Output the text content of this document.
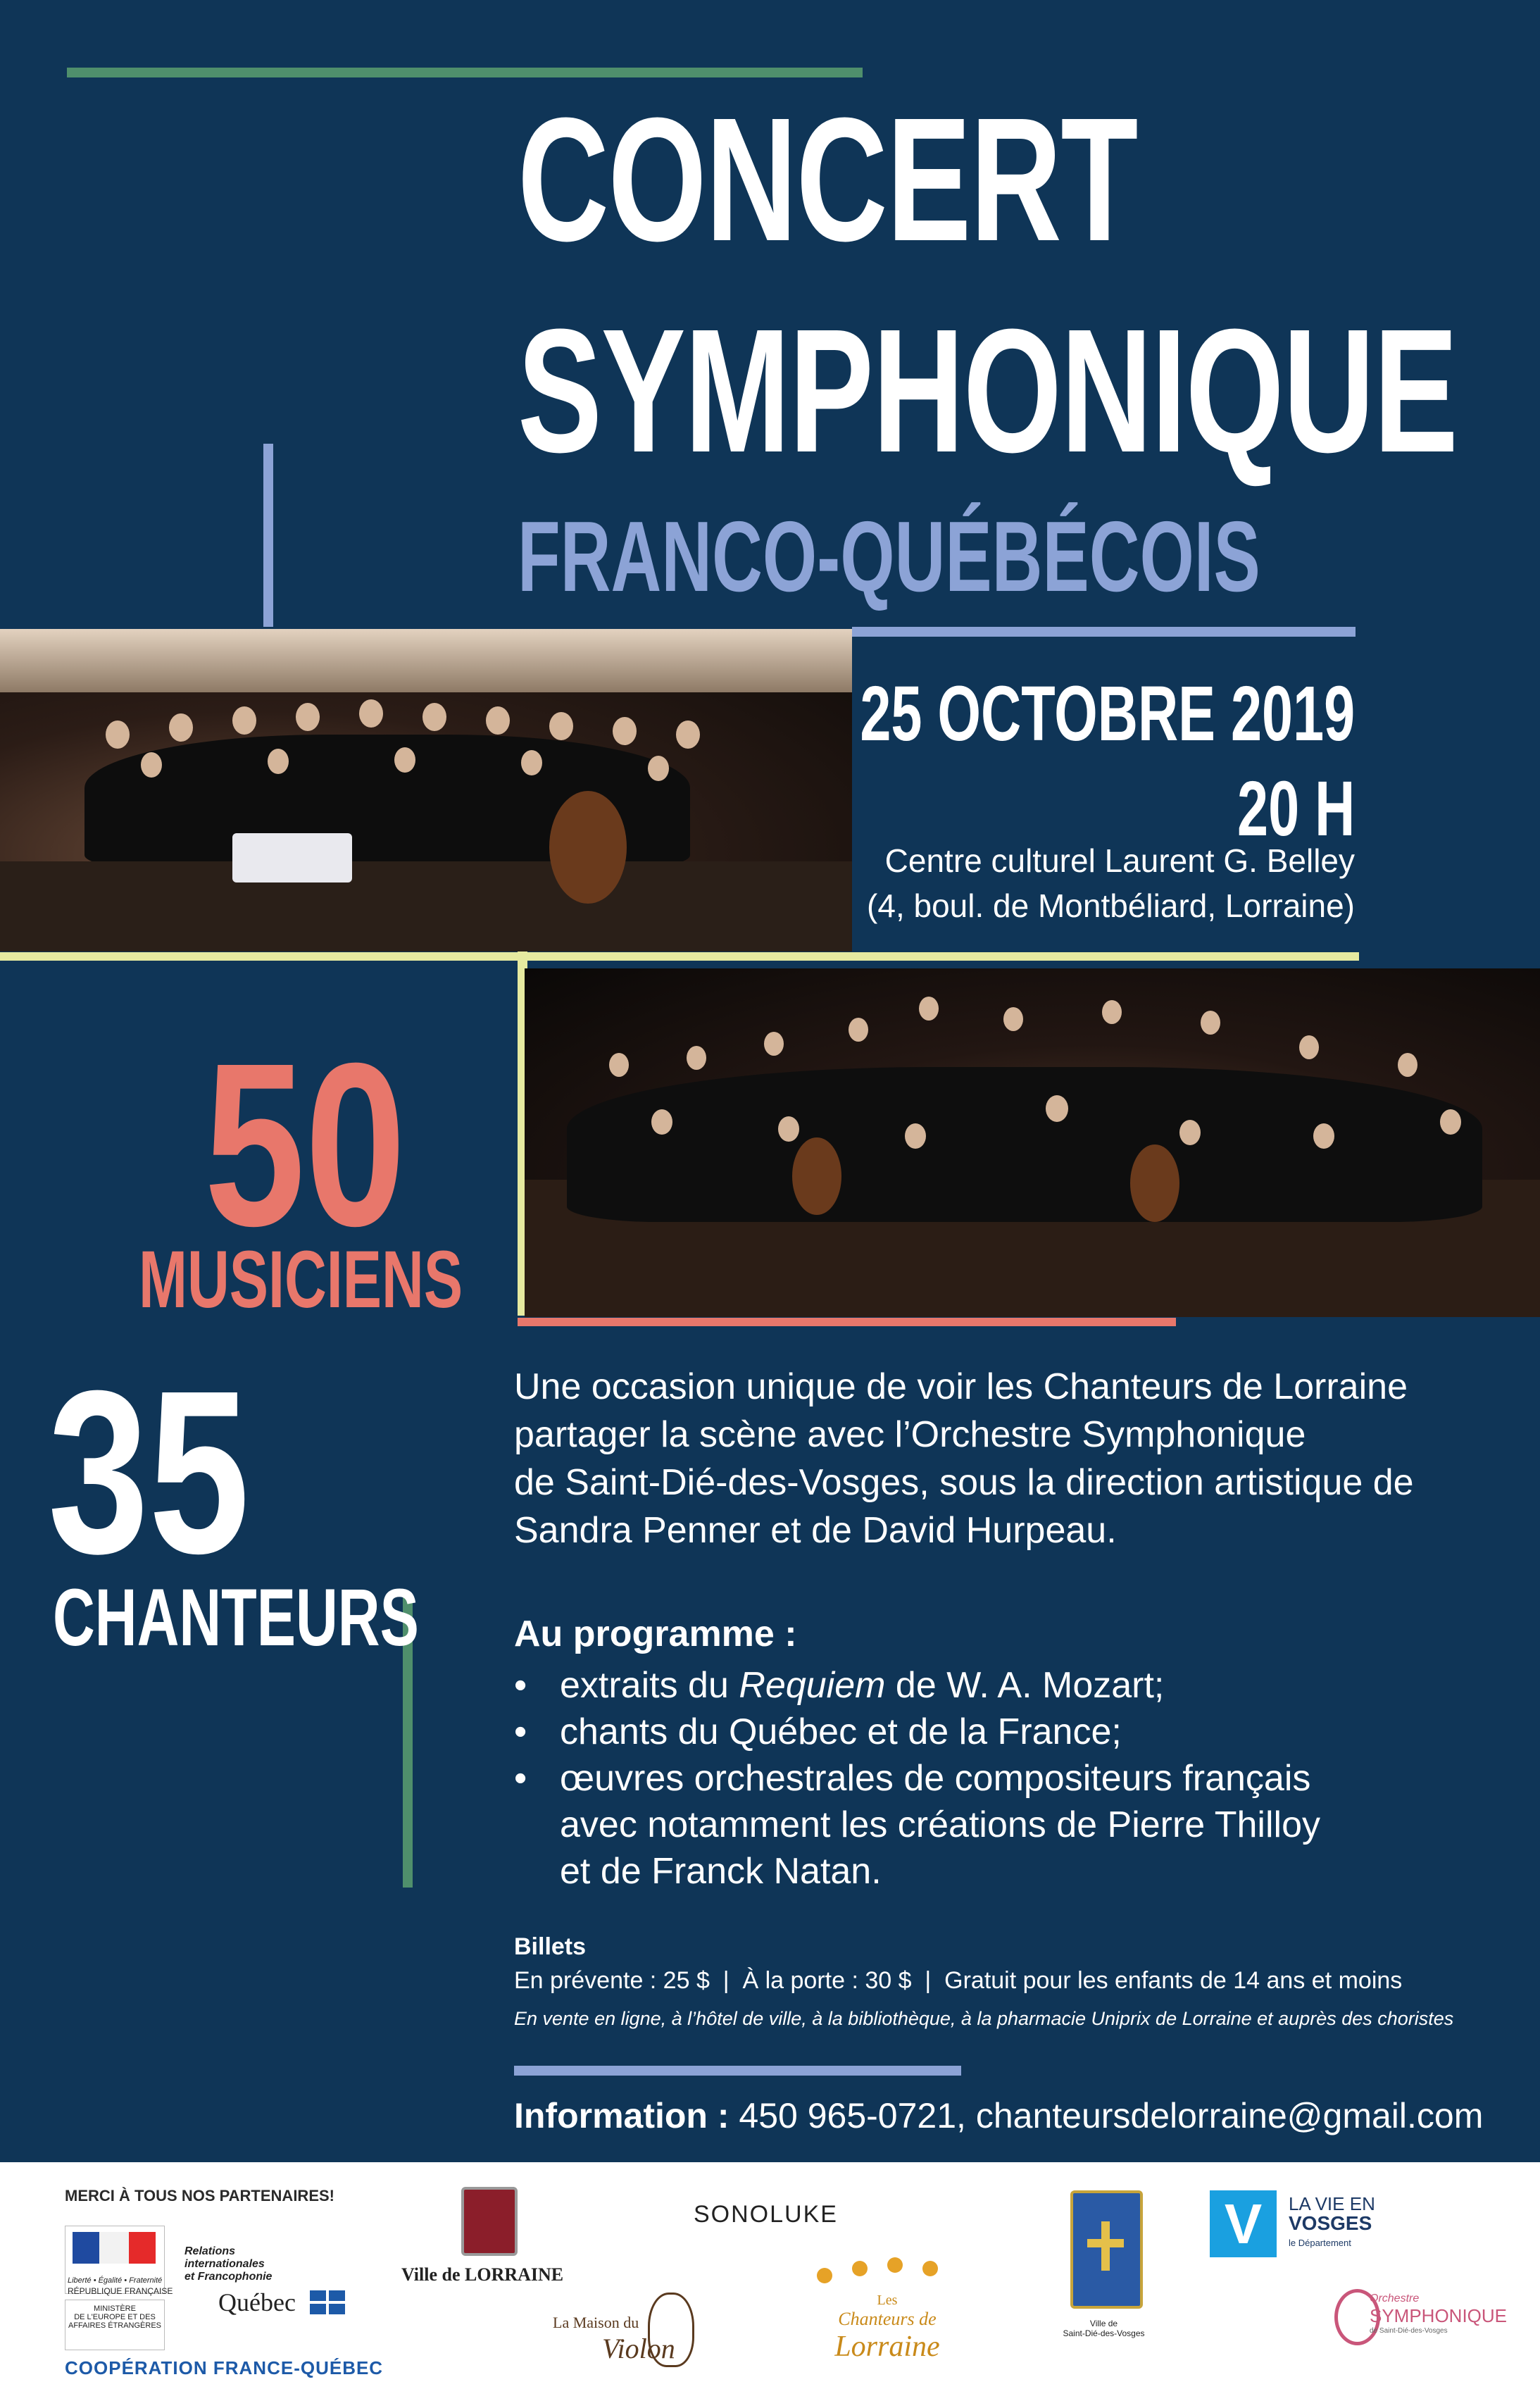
CONCERT
SYMPHONIQUE
FRANCO-QUÉBÉCOIS
25 OCTOBRE 2019
20 H
Centre culturel Laurent G. Belley
(4, boul. de Montbéliard, Lorraine)
50
MUSICIENS
35
CHANTEURS

Une occasion unique de voir les Chanteurs de Lorraine

partager la scène avec l’Orchestre Symphonique

de Saint-Dié-des-Vosges, sous la direction artistique de

Sandra Penner et de David Hurpeau.

Au programme :
• extraits du Requiem de W. A. Mozart;
• chants du Québec et de la France;
• œuvres orchestrales de compositeurs français
avec notamment les créations de Pierre Thilloy
et de Franck Natan.
Billets
En prévente : 25 $  |  À la porte : 30 $  |  Gratuit pour les enfants de 14 ans et moins
En vente en ligne, à l’hôtel de ville, à la bibliothèque, à la pharmacie Uniprix de Lorraine et auprès des choristes
Information : 450 965-0721, chanteursdelorraine@gmail.com
MERCI À TOUS NOS PARTENAIRES!
Liberté • Égalité • Fraternité
RÉPUBLIQUE FRANÇAISE
MINISTÈRE
DE L'EUROPE ET DES
AFFAIRES ÉTRANGÈRES
Relations
internationales
et Francophonie
Québec
COOPÉRATION FRANCE-QUÉBEC
Ville de LORRAINE
La Maison du
Violon
SONOLUKE
Les
Chanteurs de
Lorraine
Ville de
Saint-Dié-des-Vosges
V	LA VIE EN
VOSGES
le Département
Orchestre
SYMPHONIQUE
de Saint-Dié-des-Vosges
